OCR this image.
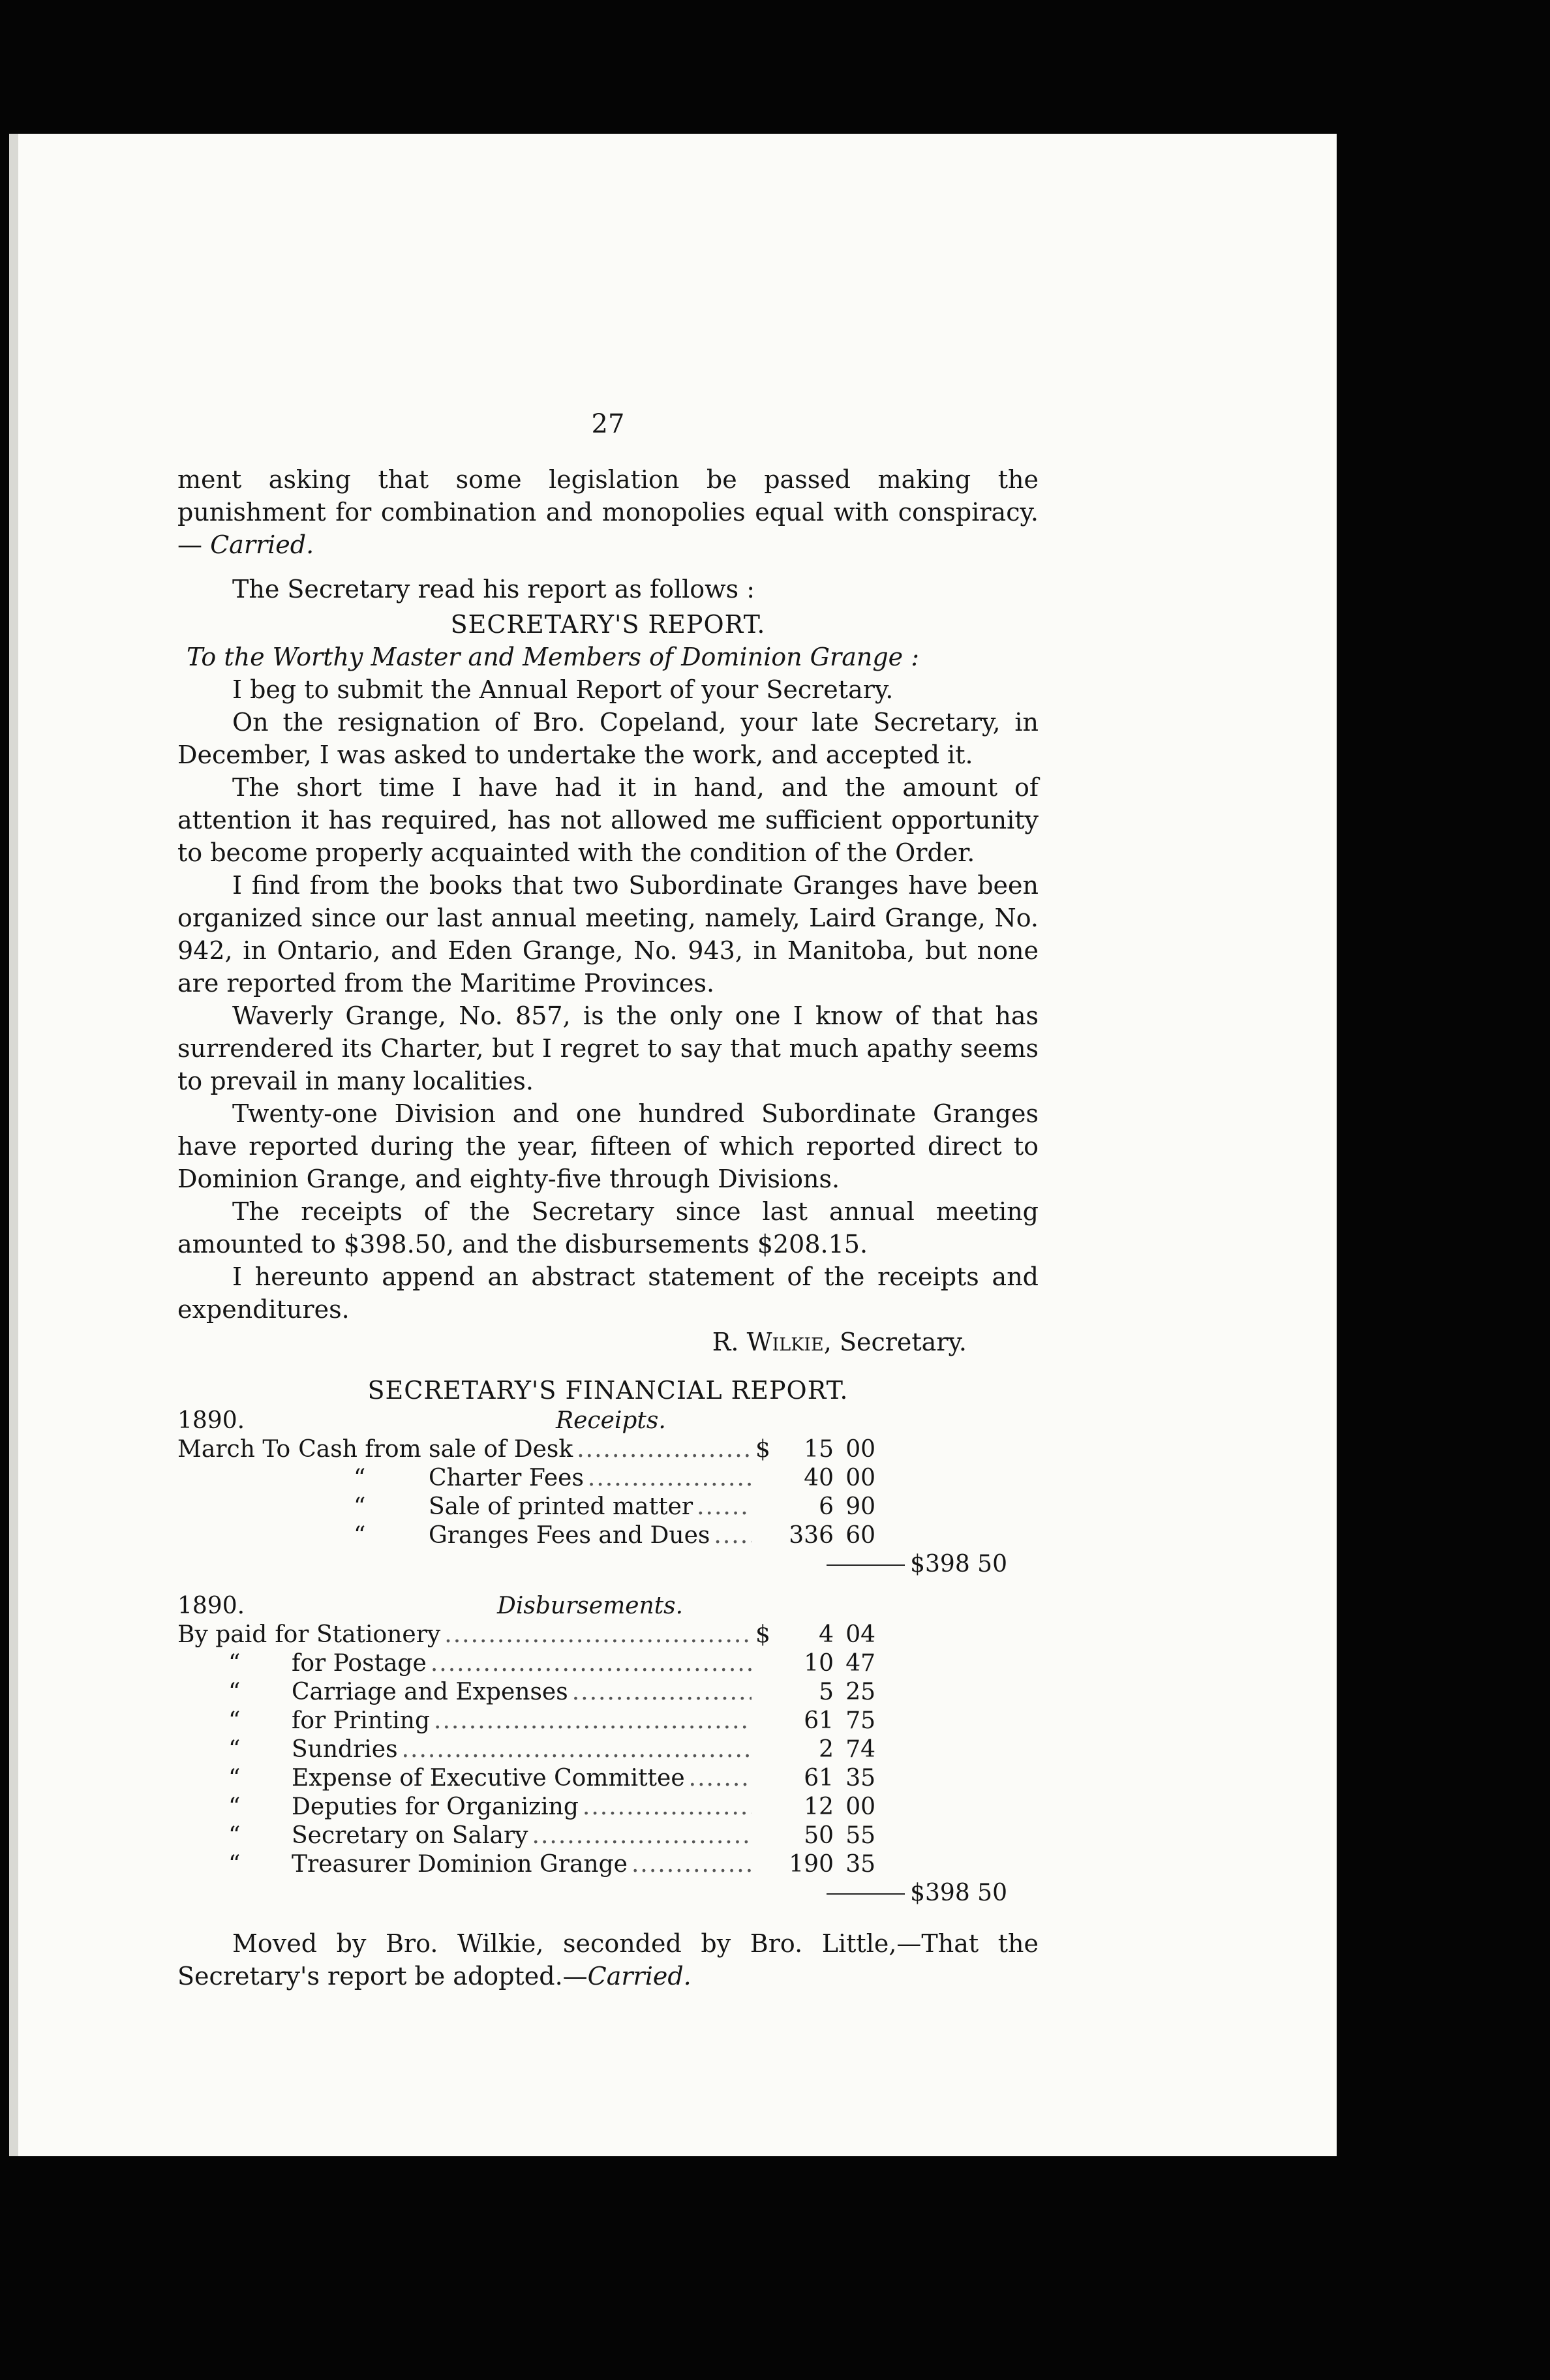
27

ment asking that some legislation be passed making the punishment for combination and monopolies equal with conspiracy.— Carried.

The Secretary read his report as follows :

SECRETARY'S REPORT.
To the Worthy Master and Members of Dominion Grange :

I beg to submit the Annual Report of your Secretary.

On the resignation of Bro. Copeland, your late Secretary, in December, I was asked to undertake the work, and accepted it.

The short time I have had it in hand, and the amount of attention it has required, has not allowed me sufficient opportunity to become properly acquainted with the condition of the Order.

I find from the books that two Subordinate Granges have been organized since our last annual meeting, namely, Laird Grange, No. 942, in Ontario, and Eden Grange, No. 943, in Manitoba, but none are reported from the Maritime Provinces.

Waverly Grange, No. 857, is the only one I know of that has surrendered its Charter, but I regret to say that much apathy seems to prevail in many localities.

Twenty-one Division and one hundred Subordinate Granges have reported during the year, fifteen of which reported direct to Dominion Grange, and eighty-five through Divisions.

The receipts of the Secretary since last annual meeting amounted to $398.50, and the disbursements $208.15.

I hereunto append an abstract statement of the receipts and expenditures.

R. Wilkie, Secretary.
SECRETARY'S FINANCIAL REPORT.
1890.	Receipts.
March To Cash from sale of Desk .....	$	15 00
“	Charter Fees .....	40 00
“	Sale of printed matter .....	6 90
“	Granges Fees and Dues .....	336 60
$398 50
1890.	Disbursements.
By paid for Stationery .....	$	4 04
“	for Postage .....	10 47
“	Carriage and Expenses .....	5 25
“	for Printing .....	61 75
“	Sundries .....	2 74
“	Expense of Executive Committee .....	61 35
“	Deputies for Organizing .....	12 00
“	Secretary on Salary .....	50 55
“	Treasurer Dominion Grange .....	190 35
$398 50

Moved by Bro. Wilkie, seconded by Bro. Little,—That the Secretary's report be adopted.—Carried.
